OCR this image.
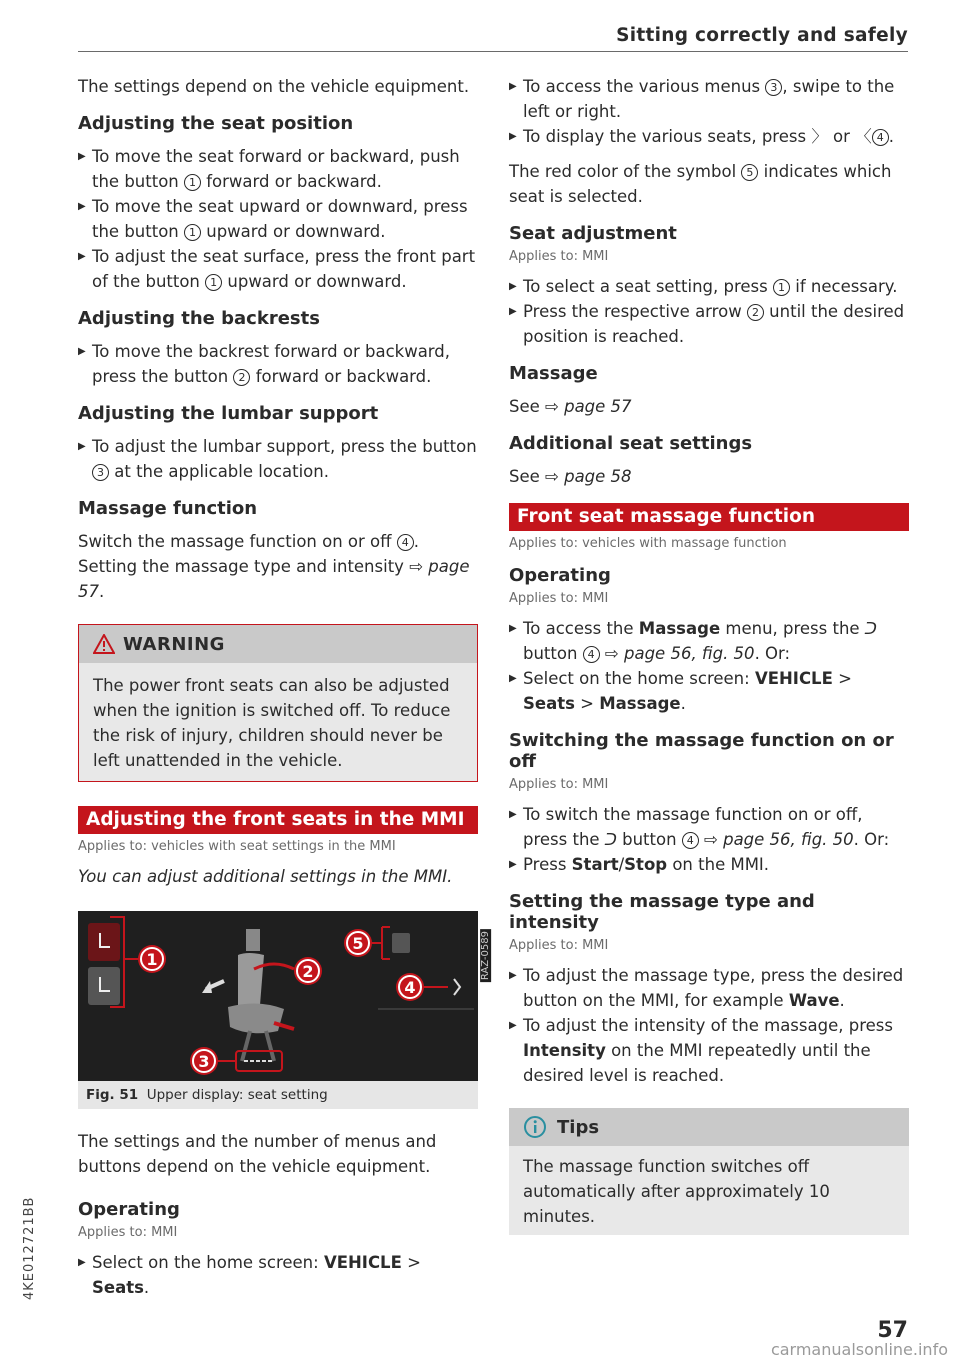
Sitting correctly and safely

The settings depend on the vehicle equipment.

Adjusting the seat position
▶ To move the seat forward or backward, push the button 1 forward or backward.
▶ To move the seat upward or downward, press the button 1 upward or downward.
▶ To adjust the seat surface, press the front part of the button 1 upward or downward.
Adjusting the backrests
▶ To move the backrest forward or backward, press the button 2 forward or backward.
Adjusting the lumbar support
▶ To adjust the lumbar support, press the button 3 at the applicable location.
Massage function

Switch the massage function on or off 4 . Setting the massage type and intensity ⇨ page 57.

WARNING
The power front seats can also be adjusted when the ignition is switched off. To reduce the risk of injury, children should never be left unattended in the vehicle.
Adjusting the front seats in the MMI
Applies to: vehicles with seat settings in the MMI

You can adjust additional settings in the MMI.

1
2
5
4
3
RAZ-0589
Fig. 51 Upper display: seat setting

The settings and the number of menus and buttons depend on the vehicle equipment.

Operating
Applies to: MMI
▶ Select on the home screen: VEHICLE > Seats.
▶ To access the various menus 3 , swipe to the left or right.
▶ To display the various seats, press 〉 or 〈 4 .

The red color of the symbol 5 indicates which seat is selected.

Seat adjustment
Applies to: MMI
▶ To select a seat setting, press 1 if necessary.
▶ Press the respective arrow 2 until the desired position is reached.
Massage

See ⇨ page 57

Additional seat settings

See ⇨ page 58

Front seat massage function
Applies to: vehicles with massage function
Operating
Applies to: MMI
▶ To access the Massage menu, press the ᑐ button 4 ⇨ page 56, fig. 50. Or:
▶ Select on the home screen: VEHICLE > Seats > Massage.
Switching the massage function on or off
Applies to: MMI
▶ To switch the massage function on or off, press the ᑐ button 4 ⇨ page 56, fig. 50. Or:
▶ Press Start/Stop on the MMI.
Setting the massage type and intensity
Applies to: MMI
▶ To adjust the massage type, press the desired button on the MMI, for example Wave.
▶ To adjust the intensity of the massage, press Intensity on the MMI repeatedly until the desired level is reached.
Tips
The massage function switches off automatically after approximately 10 minutes.
4KE012721BB
57
carmanualsonline.info
